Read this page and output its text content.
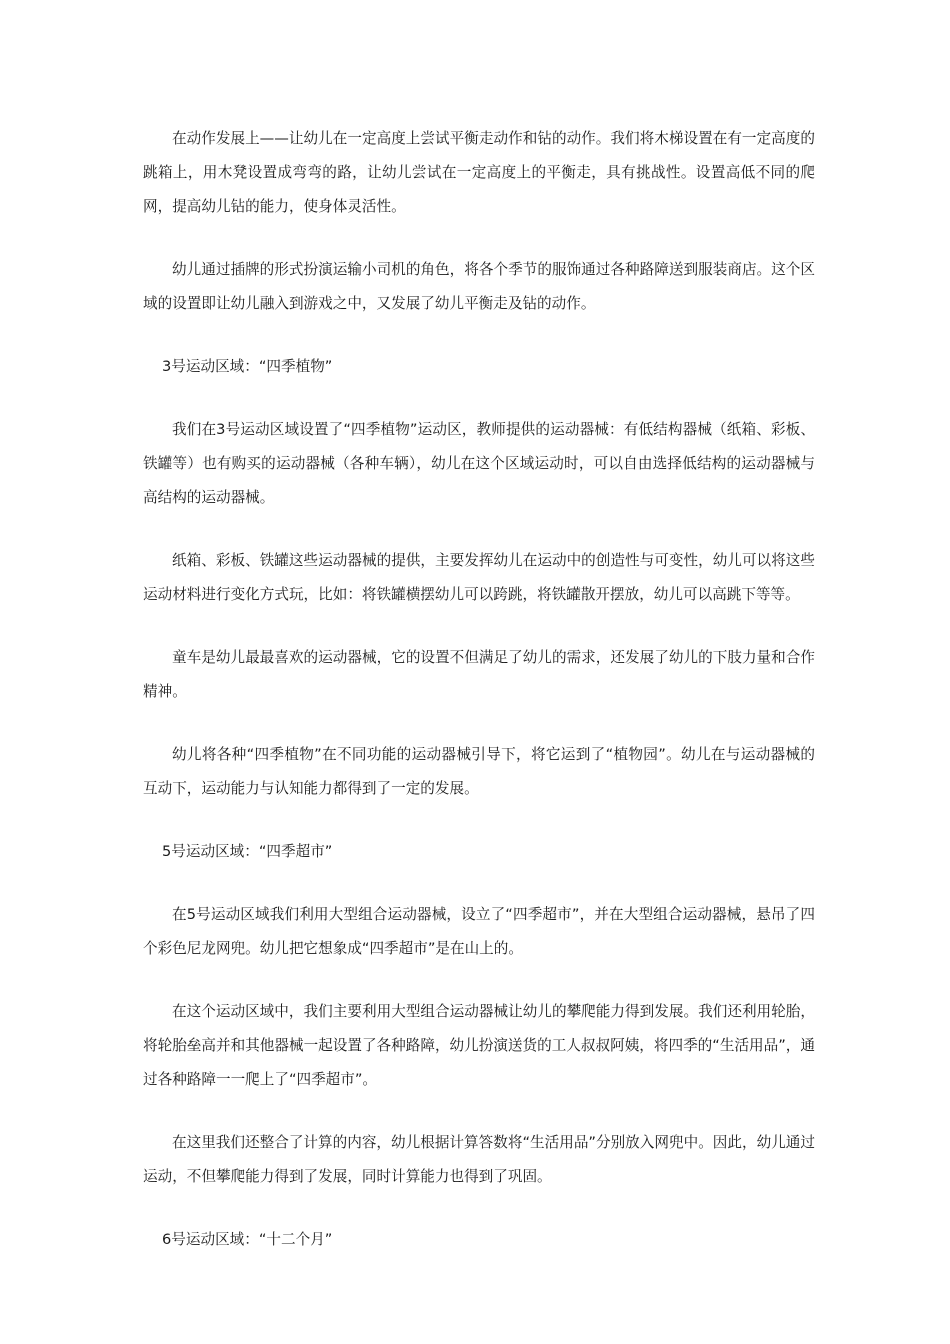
在动作发展上——让幼儿在一定高度上尝试平衡走动作和钻的动作。我们将木梯设置在有一定高度的跳箱上，用木凳设置成弯弯的路，让幼儿尝试在一定高度上的平衡走，具有挑战性。设置高低不同的爬网，提高幼儿钻的能力，使身体灵活性。

幼儿通过插牌的形式扮演运输小司机的角色，将各个季节的服饰通过各种路障送到服装商店。这个区域的设置即让幼儿融入到游戏之中，又发展了幼儿平衡走及钻的动作。

3号运动区域：“四季植物”

我们在3号运动区域设置了“四季植物”运动区，教师提供的运动器械：有低结构器械（纸箱、彩板、铁罐等）也有购买的运动器械（各种车辆），幼儿在这个区域运动时，可以自由选择低结构的运动器械与高结构的运动器械。

纸箱、彩板、铁罐这些运动器械的提供，主要发挥幼儿在运动中的创造性与可变性，幼儿可以将这些运动材料进行变化方式玩，比如：将铁罐横摆幼儿可以跨跳，将铁罐散开摆放，幼儿可以高跳下等等。

童车是幼儿最最喜欢的运动器械，它的设置不但满足了幼儿的需求，还发展了幼儿的下肢力量和合作精神。

幼儿将各种“四季植物”在不同功能的运动器械引导下，将它运到了“植物园”。幼儿在与运动器械的互动下，运动能力与认知能力都得到了一定的发展。

5号运动区域：“四季超市”

在5号运动区域我们利用大型组合运动器械，设立了“四季超市”，并在大型组合运动器械，悬吊了四个彩色尼龙网兜。幼儿把它想象成“四季超市”是在山上的。

在这个运动区域中，我们主要利用大型组合运动器械让幼儿的攀爬能力得到发展。我们还利用轮胎，将轮胎垒高并和其他器械一起设置了各种路障，幼儿扮演送货的工人叔叔阿姨，将四季的“生活用品”，通过各种路障一一爬上了“四季超市”。

在这里我们还整合了计算的内容，幼儿根据计算答数将“生活用品”分别放入网兜中。因此，幼儿通过运动，不但攀爬能力得到了发展，同时计算能力也得到了巩固。

6号运动区域：“十二个月”
